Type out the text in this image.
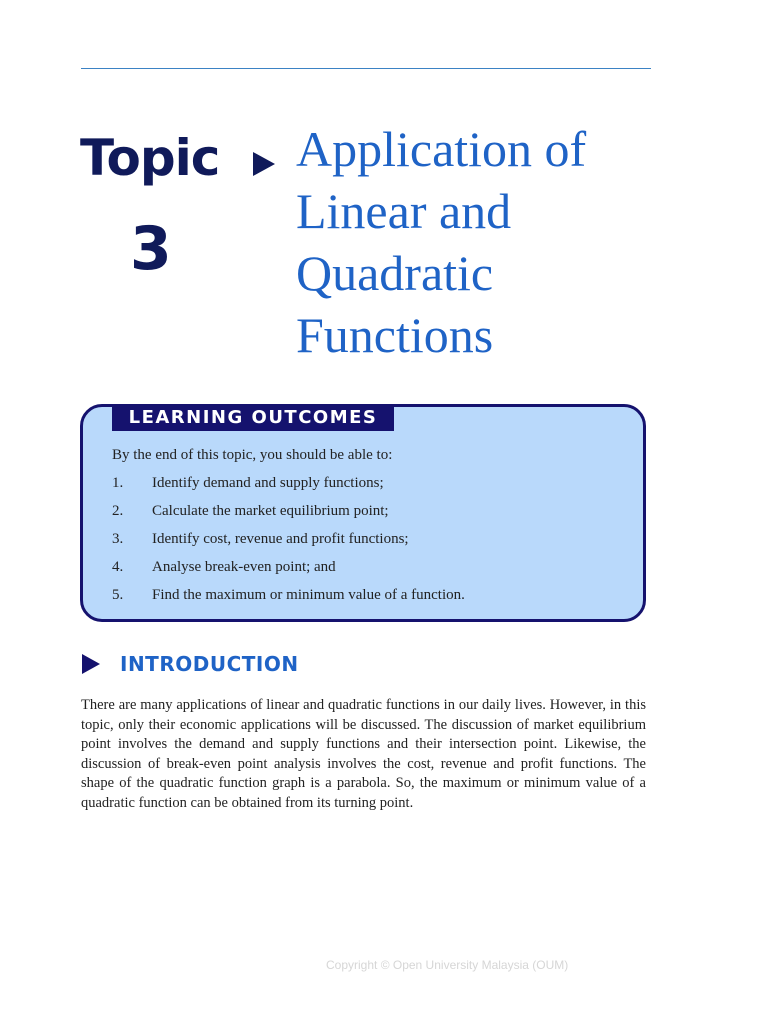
Topic
3
Application of
Linear and
Quadratic
Functions
LEARNING OUTCOMES
By the end of this topic, you should be able to:
1. Identify demand and supply functions;
2. Calculate the market equilibrium point;
3. Identify cost, revenue and profit functions;
4. Analyse break-even point; and
5. Find the maximum or minimum value of a function.
INTRODUCTION

There are many applications of linear and quadratic functions in our daily lives. However, in this topic, only their economic applications will be discussed. The discussion of market equilibrium point involves the demand and supply functions and their intersection point. Likewise, the discussion of break-even point analysis involves the cost, revenue and profit functions. The shape of the quadratic function graph is a parabola. So, the maximum or minimum value of a quadratic function can be obtained from its turning point.

Copyright © Open University Malaysia (OUM)
